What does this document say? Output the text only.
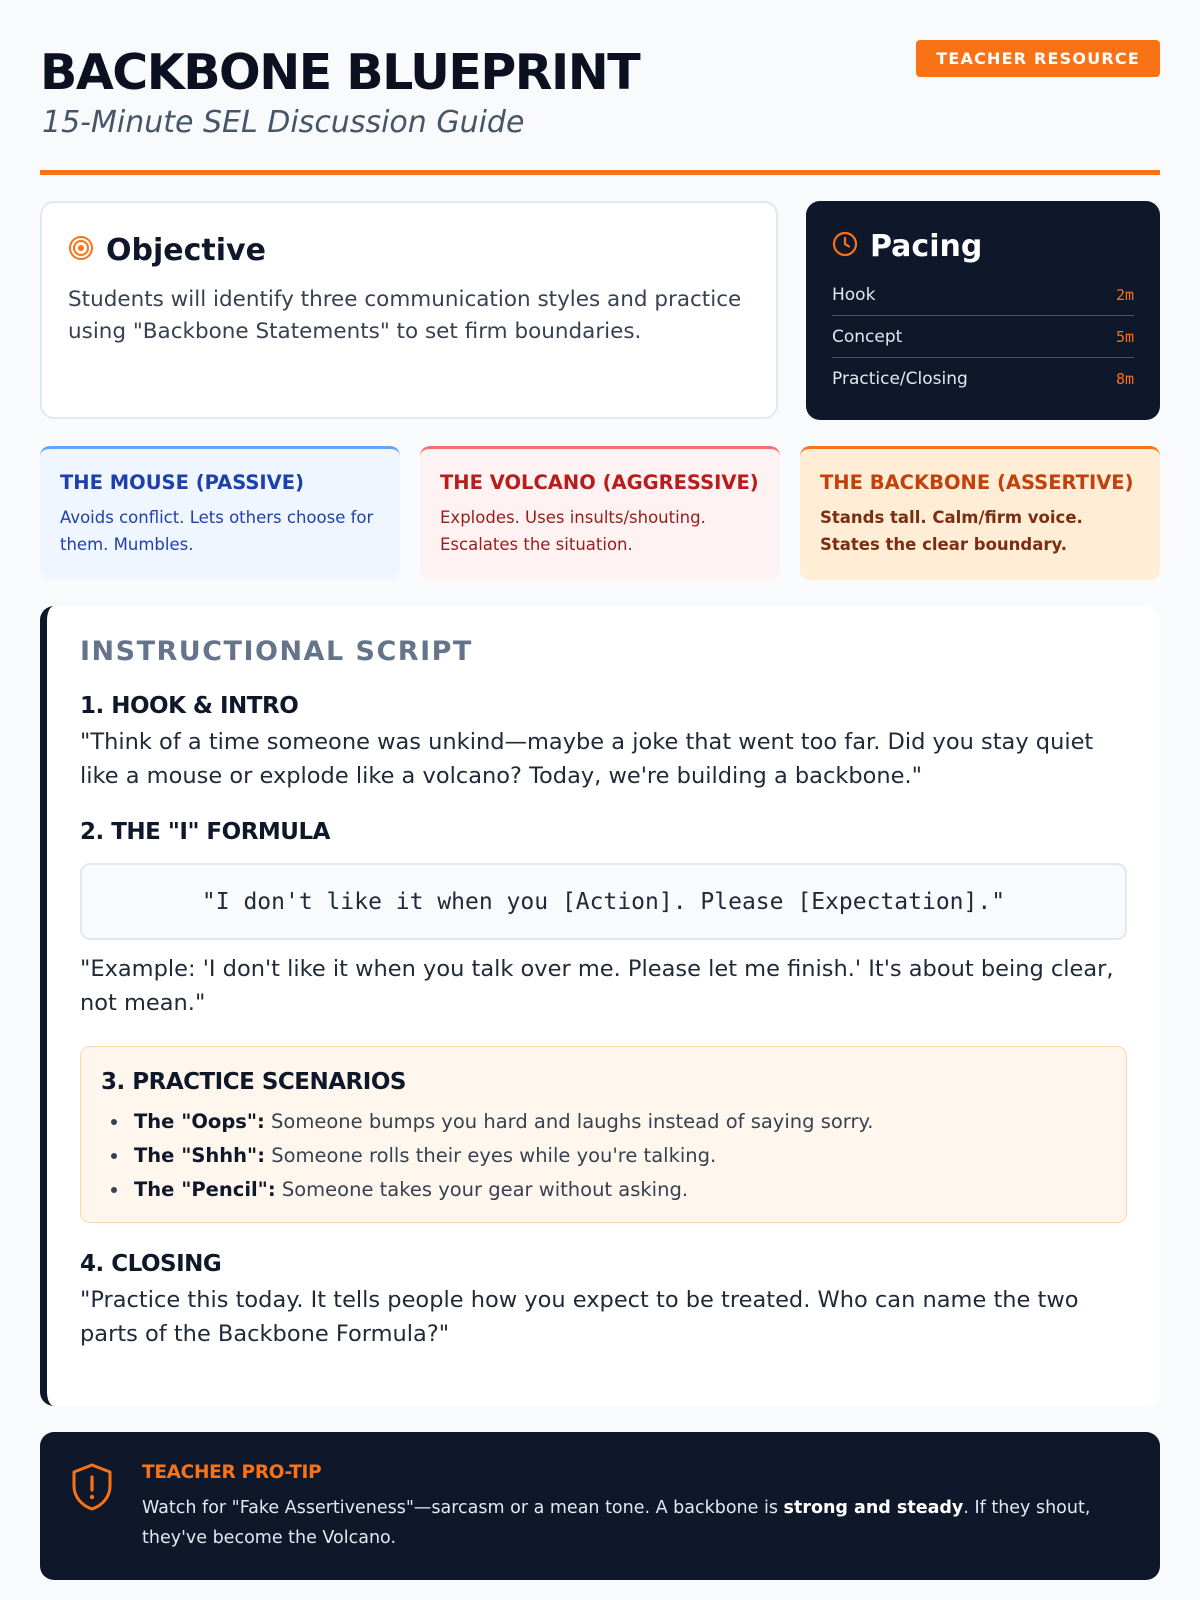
BACKBONE BLUEPRINT
15-Minute SEL Discussion Guide
TEACHER RESOURCE
Objective

Students will identify three communication styles and practice using "Backbone Statements" to set firm boundaries.

Pacing
Hook	2m
Concept	5m
Practice/Closing	8m
THE MOUSE (PASSIVE)

Avoids conflict. Lets others choose for them. Mumbles.

THE VOLCANO (AGGRESSIVE)

Explodes. Uses insults/shouting. Escalates the situation.

THE BACKBONE (ASSERTIVE)

Stands tall. Calm/firm voice. States the clear boundary.

INSTRUCTIONAL SCRIPT
1. HOOK & INTRO
"Think of a time someone was unkind—maybe a joke that went too far. Did you stay quiet like a mouse or explode like a volcano? Today, we're building a backbone."
2. THE "I" FORMULA
"I don't like it when you [Action]. Please [Expectation]."
"Example: 'I don't like it when you talk over me. Please let me finish.' It's about being clear, not mean."
3. PRACTICE SCENARIOS
The "Oops": Someone bumps you hard and laughs instead of saying sorry.
The "Shhh": Someone rolls their eyes while you're talking.
The "Pencil": Someone takes your gear without asking.
4. CLOSING
"Practice this today. It tells people how you expect to be treated. Who can name the two parts of the Backbone Formula?"
TEACHER PRO-TIP
Watch for "Fake Assertiveness"—sarcasm or a mean tone. A backbone is strong and steady. If they shout, they've become the Volcano.
